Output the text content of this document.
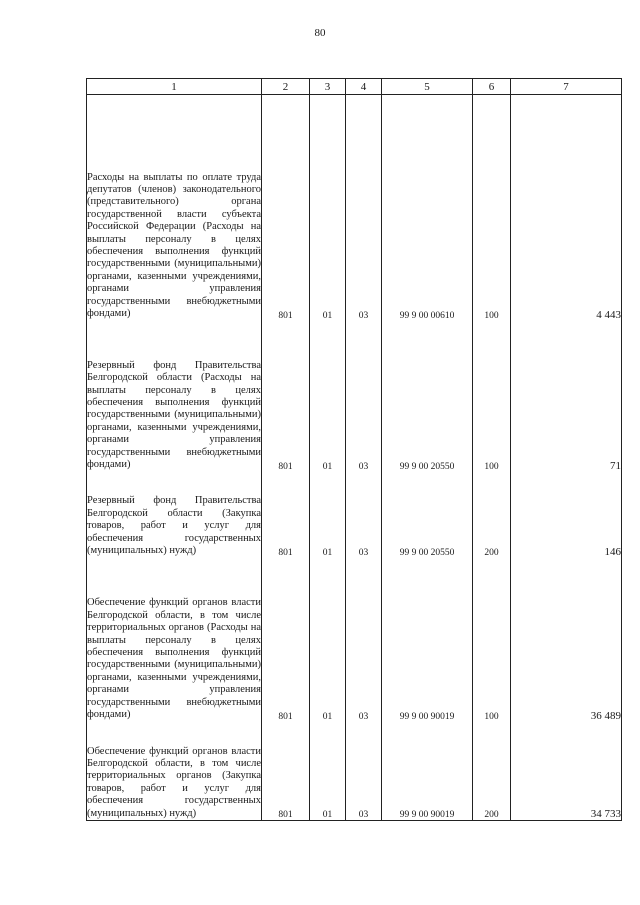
80
1	2	3	4	5	6	7
Расходы на выплаты по оплате труда депутатов (членов) законодательного (представительного) органа государственной власти субъекта Российской Федерации (Расходы на выплаты персоналу в целях обеспечения выполнения функций государственными (муниципальными) органами, казенными учреждениями, органами управления государственными внебюджетными фондами)	801	01	03	99 9 00 00610	100	4 443
Резервный фонд Правительства Белгородской области (Расходы на выплаты персоналу в целях обеспечения выполнения функций государственными (муниципальными) органами, казенными учреждениями, органами управления государственными внебюджетными фондами)	801	01	03	99 9 00 20550	100	71
Резервный фонд Правительства Белгородской области (Закупка товаров, работ и услуг для обеспечения государственных (муниципальных) нужд)	801	01	03	99 9 00 20550	200	146
Обеспечение функций органов власти Белгородской области, в том числе территориальных органов (Расходы на выплаты персоналу в целях обеспечения выполнения функций государственными (муниципальными) органами, казенными учреждениями, органами управления государственными внебюджетными фондами)	801	01	03	99 9 00 90019	100	36 489
Обеспечение функций органов власти Белгородской области, в том числе территориальных органов (Закупка товаров, работ и услуг для обеспечения государственных (муниципальных) нужд)	801	01	03	99 9 00 90019	200	34 733
